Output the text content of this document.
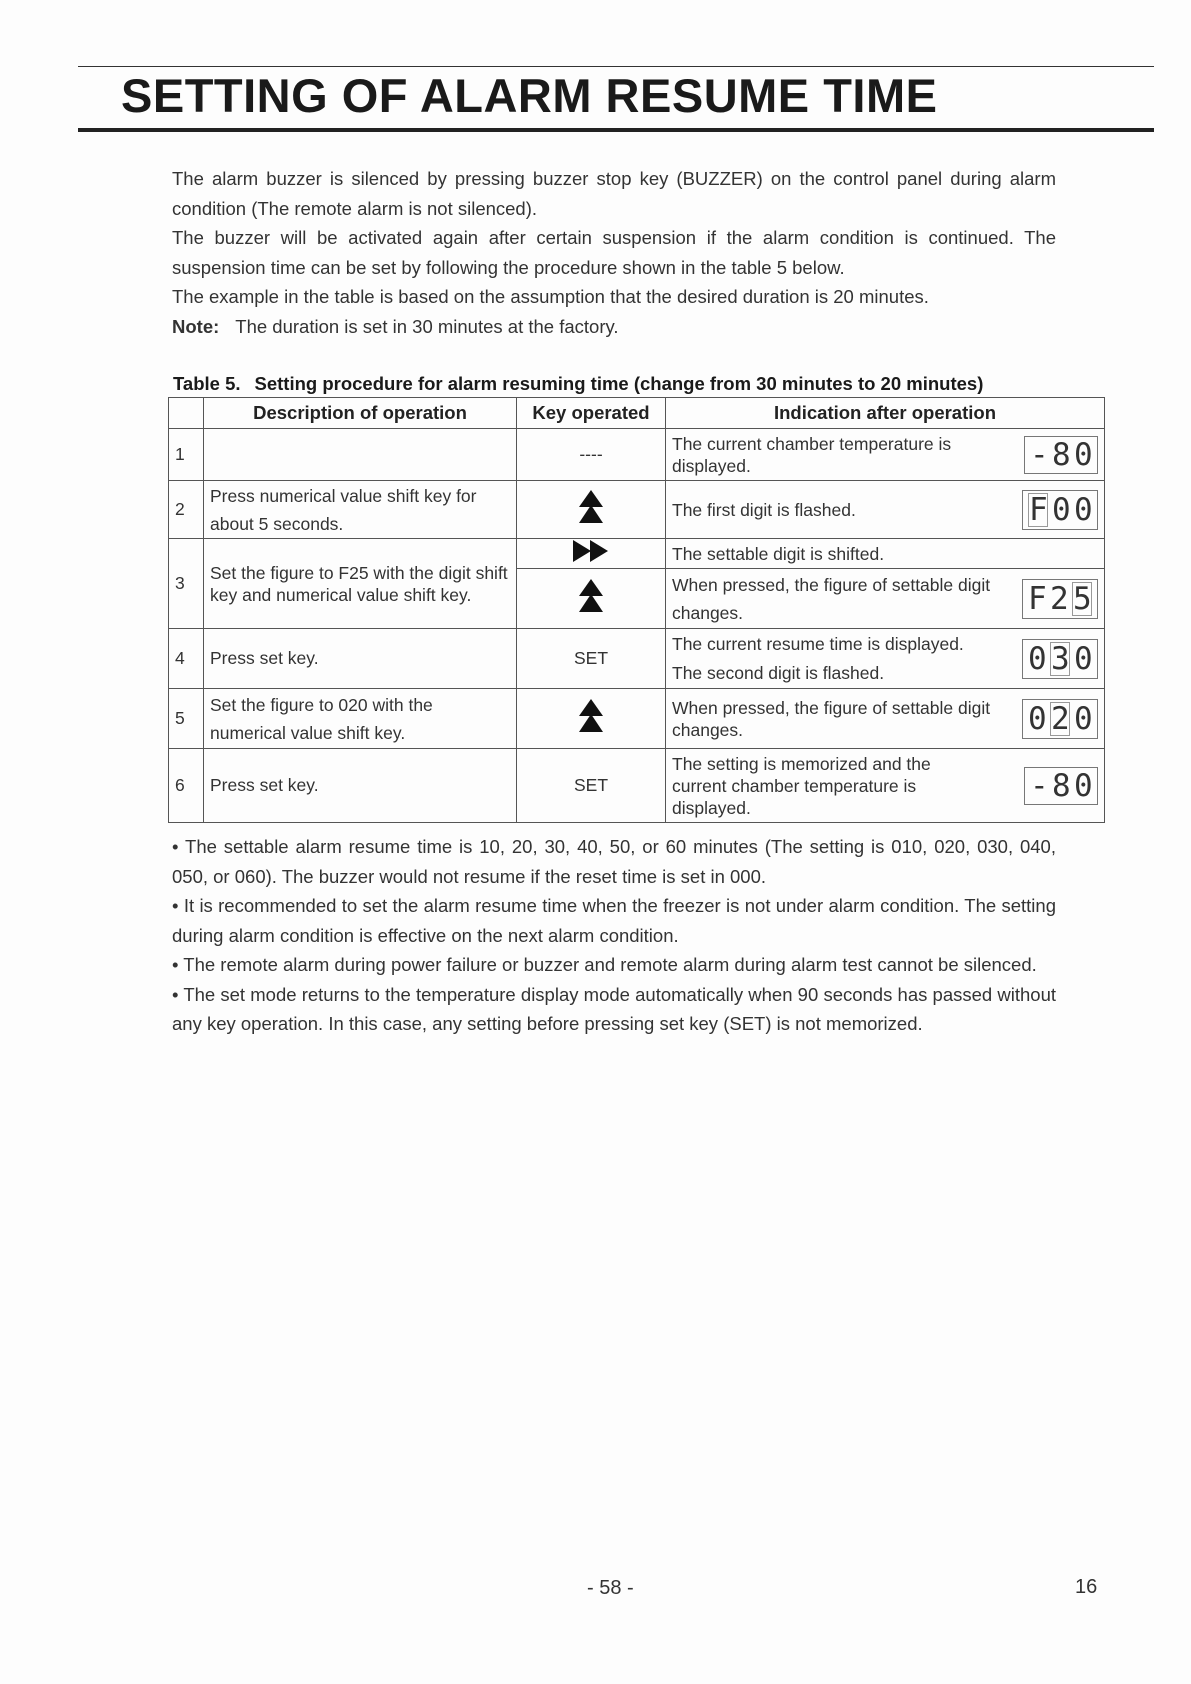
SETTING OF ALARM RESUME TIME

The alarm buzzer is silenced by pressing buzzer stop key (BUZZER) on the control panel during alarm condition (The remote alarm is not silenced).

The buzzer will be activated again after certain suspension if the alarm condition is continued. The suspension time can be set by following the procedure shown in the table 5 below.

The example in the table is based on the assumption that the desired duration is 20 minutes.

Note: The duration is set in 30 minutes at the factory.

Table 5. Setting procedure for alarm resuming time (change from 30 minutes to 20 minutes)
	Description of operation	Key operated	Indication after operation
1		----	The current chamber temperature is displayed. - 8 0

2	Press numerical value shift key for about 5 seconds.		The first digit is flashed. F 0 0

3	Set the figure to F25 with the digit shift key and numerical value shift key.		The settable digit is shifted.

When pressed, the figure of settable digit changes. F 2 5

4	Press set key.	SET	The current resume time is displayed. The second digit is flashed. 0 3 0

5	Set the figure to 020 with the numerical value shift key.		When pressed, the figure of settable digit changes. 0 2 0

6	Press set key.	SET	The setting is memorized and the current chamber temperature is displayed.
- 8 0

• The settable alarm resume time is 10, 20, 30, 40, 50, or 60 minutes (The setting is 010, 020, 030, 040, 050, or 060). The buzzer would not resume if the reset time is set in 000.

• It is recommended to set the alarm resume time when the freezer is not under alarm condition. The setting during alarm condition is effective on the next alarm condition.

• The remote alarm during power failure or buzzer and remote alarm during alarm test cannot be silenced.

• The set mode returns to the temperature display mode automatically when 90 seconds has passed without any key operation. In this case, any setting before pressing set key (SET) is not memorized.

- 58 -	16
